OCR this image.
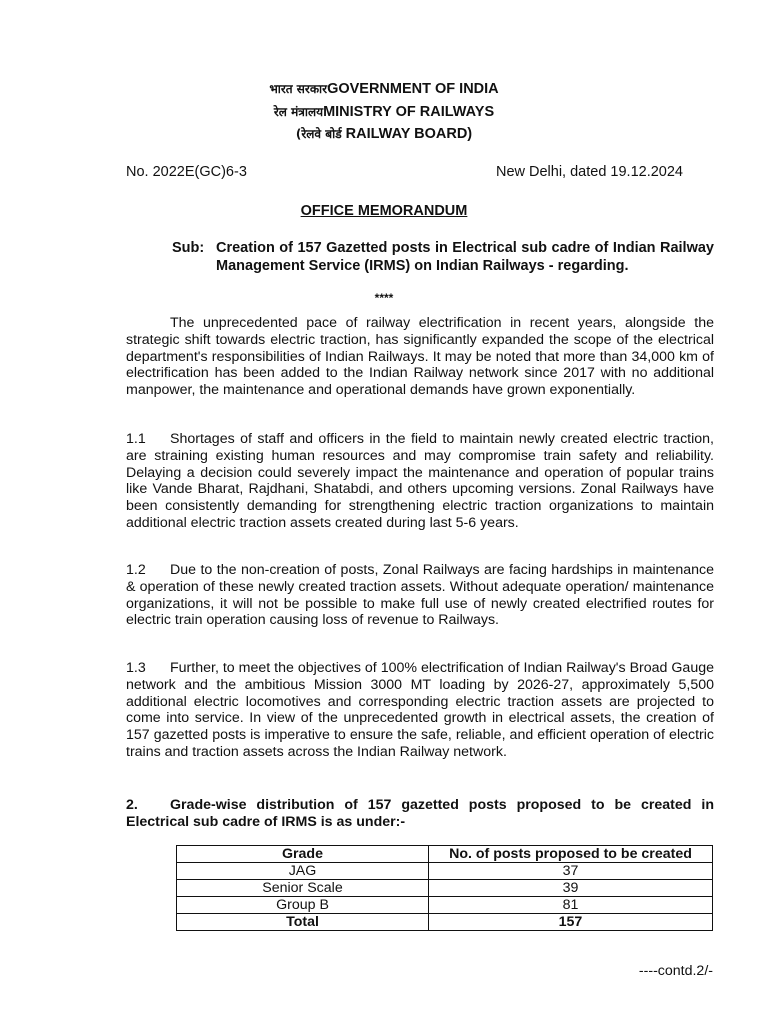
भारत सरकारGOVERNMENT OF INDIA
रेल मंत्रालयMINISTRY OF RAILWAYS
(रेलवे बोर्ड RAILWAY BOARD)
No. 2022E(GC)6-3	New Delhi, dated 19.12.2024
OFFICE MEMORANDUM
Sub: Creation of 157 Gazetted posts in Electrical sub cadre of Indian Railway Management Service (IRMS) on Indian Railways - regarding.
****
The unprecedented pace of railway electrification in recent years, alongside the strategic shift towards electric traction, has significantly expanded the scope of the electrical department's responsibilities of Indian Railways. It may be noted that more than 34,000 km of electrification has been added to the Indian Railway network since 2017 with no additional manpower, the maintenance and operational demands have grown exponentially.
1.1 Shortages of staff and officers in the field to maintain newly created electric traction, are straining existing human resources and may compromise train safety and reliability. Delaying a decision could severely impact the maintenance and operation of popular trains like Vande Bharat, Rajdhani, Shatabdi, and others upcoming versions. Zonal Railways have been consistently demanding for strengthening electric traction organizations to maintain additional electric traction assets created during last 5-6 years.
1.2 Due to the non-creation of posts, Zonal Railways are facing hardships in maintenance & operation of these newly created traction assets. Without adequate operation/ maintenance organizations, it will not be possible to make full use of newly created electrified routes for electric train operation causing loss of revenue to Railways.
1.3 Further, to meet the objectives of 100% electrification of Indian Railway's Broad Gauge network and the ambitious Mission 3000 MT loading by 2026-27, approximately 5,500 additional electric locomotives and corresponding electric traction assets are projected to come into service. In view of the unprecedented growth in electrical assets, the creation of 157 gazetted posts is imperative to ensure the safe, reliable, and efficient operation of electric trains and traction assets across the Indian Railway network.
2. Grade-wise distribution of 157 gazetted posts proposed to be created in Electrical sub cadre of IRMS is as under:-
Grade	No. of posts proposed to be created
JAG	37
Senior Scale	39
Group B	81
Total	157
----contd.2/-
